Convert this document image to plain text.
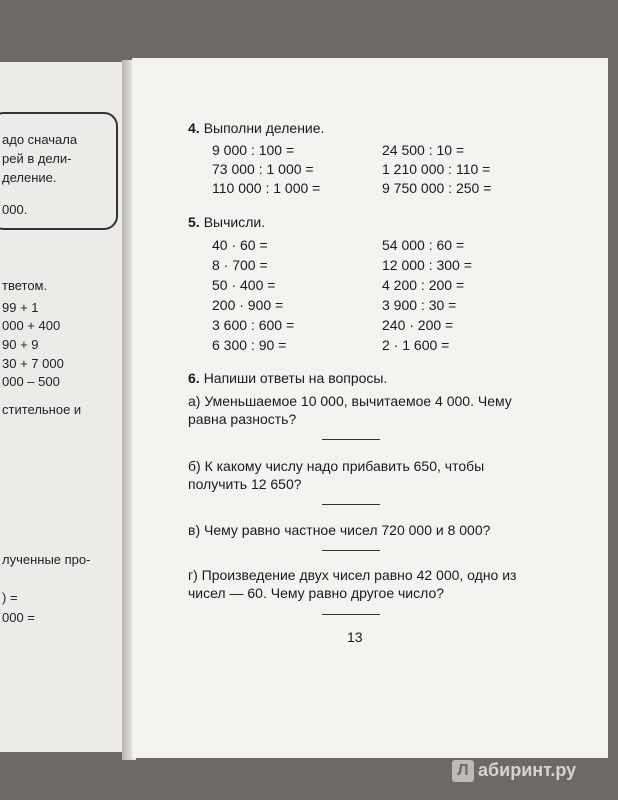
адо сначала
рей в дели-
деление.
000.
тветом.
99 + 1
000 + 400
90 + 9
30 + 7 000
000 – 500
стительное и
лученные про-
) =
000 =
4. Выполни деление.
9 000 : 100 =
73 000 : 1 000 =
110 000 : 1 000 =
24 500 : 10 =
1 210 000 : 110 =
9 750 000 : 250 =
5. Вычисли.
40 · 60 =
8 · 700 =
50 · 400 =
200 · 900 =
3 600 : 600 =
6 300 : 90 =
54 000 : 60 =
12 000 : 300 =
4 200 : 200 =
3 900 : 30 =
240 · 200 =
2 · 1 600 =
6. Напиши ответы на вопросы.
а) Уменьшаемое 10 000, вычитаемое 4 000. Чему равна разность?
б) К какому числу надо прибавить 650, чтобы получить 12 650?
в) Чему равно частное чисел 720 000 и 8 000?
г) Произведение двух чисел равно 42 000, одно из чисел — 60. Чему равно другое число?
13
Л абиринт.ру
